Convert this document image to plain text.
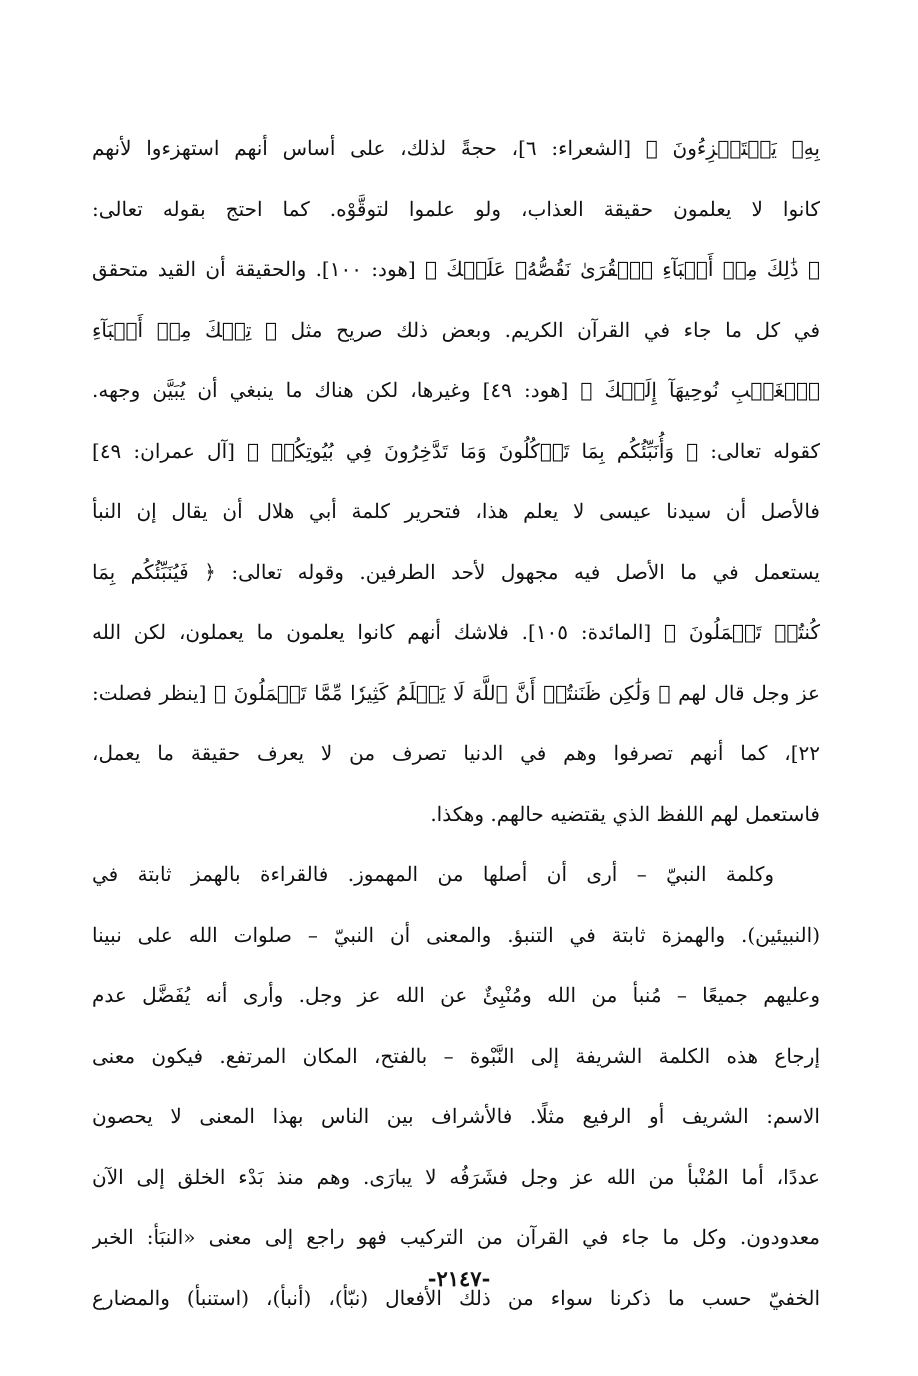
بِهِۦ يَسۡتَهۡزِءُونَ ﴾ [الشعراء: ٦]، حجةً لذلك، على أساس أنهم استهزءوا لأنهم
كانوا لا يعلمون حقيقة العذاب، ولو علموا لتوقَّوْه. كما احتج بقوله تعالى:
﴿ ذَٰلِكَ مِنۡ أَنۢبَآءِ ٱلۡقُرَىٰ نَقُصُّهُۥ عَلَيۡكَ ﴾ [هود: ١٠٠]. والحقيقة أن القيد متحقق
في كل ما جاء في القرآن الكريم. وبعض ذلك صريح مثل ﴿ تِلۡكَ مِنۡ أَنۢبَآءِ
ٱلۡغَيۡبِ نُوحِيهَآ إِلَيۡكَ ﴾ [هود: ٤٩] وغيرها، لكن هناك ما ينبغي أن يُبَيَّن وجهه.
كقوله تعالى: ﴿ وَأُنَبِّئُكُم بِمَا تَأۡكُلُونَ وَمَا تَدَّخِرُونَ فِي بُيُوتِكُمۡ ﴾ [آل عمران: ٤٩]
فالأصل أن سيدنا عيسى لا يعلم هذا، فتحرير كلمة أبي هلال أن يقال إن النبأ
يستعمل في ما الأصل فيه مجهول لأحد الطرفين. وقوله تعالى: ﴿ فَيُنَبِّئُكُم بِمَا
كُنتُمۡ تَعۡمَلُونَ ﴾ [المائدة: ١٠٥]. فلاشك أنهم كانوا يعلمون ما يعملون، لكن الله
عز وجل قال لهم ﴿ وَلَٰكِن ظَنَنتُمۡ أَنَّ ٱللَّهَ لَا يَعۡلَمُ كَثِيرٗا مِّمَّا تَعۡمَلُونَ ﴾ [ينظر فصلت:
٢٢]، كما أنهم تصرفوا وهم في الدنيا تصرف من لا يعرف حقيقة ما يعمل،
فاستعمل لهم اللفظ الذي يقتضيه حالهم. وهكذا.
وكلمة النبيّ – أرى أن أصلها من المهموز. فالقراءة بالهمز ثابتة في
(النبيئين). والهمزة ثابتة في التنبؤ. والمعنى أن النبيّ – صلوات الله على نبينا
وعليهم جميعًا – مُنبأ من الله ومُنْبِئٌ عن الله عز وجل. وأرى أنه يُفَضَّل عدم
إرجاع هذه الكلمة الشريفة إلى النَّبْوة – بالفتح، المكان المرتفع. فيكون معنى
الاسم: الشريف أو الرفيع مثلًا. فالأشراف بين الناس بهذا المعنى لا يحصون
عددًا، أما المُنْبأ من الله عز وجل فشَرَفُه لا يبارَى. وهم منذ بَدْء الخلق إلى الآن
معدودون. وكل ما جاء في القرآن من التركيب فهو راجع إلى معنى «النبَأ: الخبر
الخفيّ حسب ما ذكرنا سواء من ذلك الأفعال (نبّأ)، (أنبأ)، (استنبأ) والمضارع
-٢١٤٧-
